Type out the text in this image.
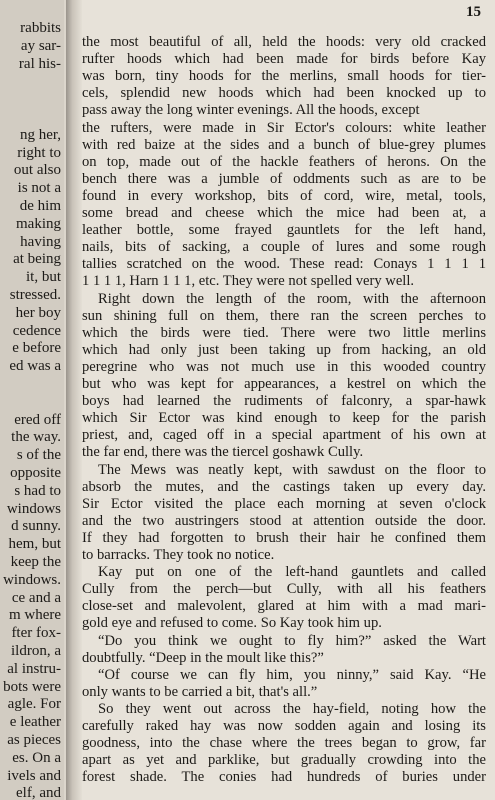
rabbits
ay sar-
ral his-
ng her,
right to
out also
is not a
de him
making
having
at being
it, but
stressed.
her boy
cedence
e before
ed was a
ered off
the way.
s of the
opposite
s had to
windows
d sunny.
hem, but
keep the
windows.
ce and a
m where
fter fox-
ildron, a
al instru-
bots were
agle. For
e leather
as pieces
es. On a
ivels and
elf, and
15
the most beautiful of all, held the hoods: very old cracked
rufter hoods which had been made for birds before Kay
was born, tiny hoods for the merlins, small hoods for tier-
cels, splendid new hoods which had been knocked up to
pass away the long winter evenings. All the hoods, except
the rufters, were made in Sir Ector's colours: white leather
with red baize at the sides and a bunch of blue-grey plumes
on top, made out of the hackle feathers of herons. On the
bench there was a jumble of oddments such as are to be
found in every workshop, bits of cord, wire, metal, tools,
some bread and cheese which the mice had been at, a
leather bottle, some frayed gauntlets for the left hand,
nails, bits of sacking, a couple of lures and some rough
tallies scratched on the wood. These read: Conays 1 1 1 1
1 1 1 1, Harn 1 1 1, etc. They were not spelled very well.
Right down the length of the room, with the afternoon
sun shining full on them, there ran the screen perches to
which the birds were tied. There were two little merlins
which had only just been taking up from hacking, an old
peregrine who was not much use in this wooded country
but who was kept for appearances, a kestrel on which the
boys had learned the rudiments of falconry, a spar-hawk
which Sir Ector was kind enough to keep for the parish
priest, and, caged off in a special apartment of his own at
the far end, there was the tiercel goshawk Cully.
The Mews was neatly kept, with sawdust on the floor to
absorb the mutes, and the castings taken up every day.
Sir Ector visited the place each morning at seven o'clock
and the two austringers stood at attention outside the door.
If they had forgotten to brush their hair he confined them
to barracks. They took no notice.
Kay put on one of the left-hand gauntlets and called
Cully from the perch—but Cully, with all his feathers
close-set and malevolent, glared at him with a mad mari-
gold eye and refused to come. So Kay took him up.
“Do you think we ought to fly him?” asked the Wart
doubtfully. “Deep in the moult like this?”
“Of course we can fly him, you ninny,” said Kay. “He
only wants to be carried a bit, that's all.”
So they went out across the hay-field, noting how the
carefully raked hay was now sodden again and losing its
goodness, into the chase where the trees began to grow, far
apart as yet and parklike, but gradually crowding into the
forest shade. The conies had hundreds of buries under
